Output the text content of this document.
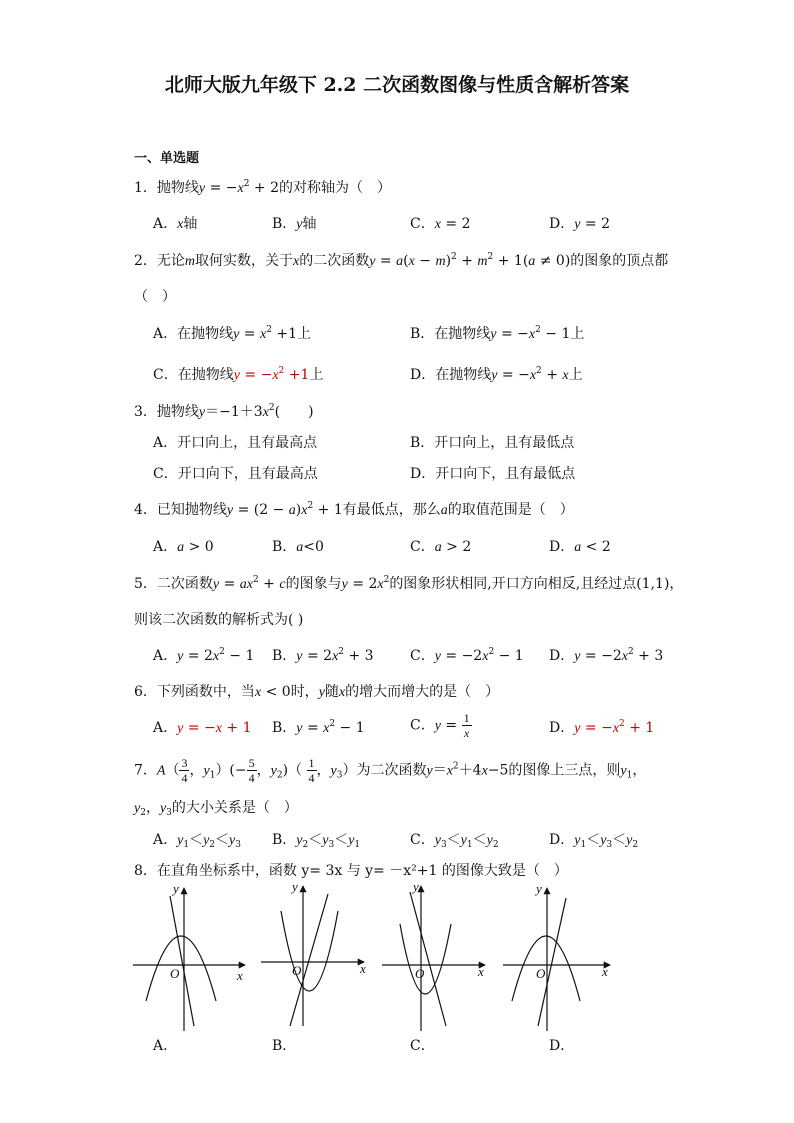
北师大版九年级下 2.2 二次函数图像与性质含解析答案
一、单选题
1．抛物线$y = -x^2 + 2$的对称轴为（　）
A．x轴	B．y轴	C．x = 2	D．y = 2
2．无论m取何实数，关于x的二次函数$y = a(x - m)^2 + m^2 + 1(a \ne 0)$的图象的顶点都
（　）
A．在抛物线$y = x^2 +1$上	B．在抛物线$y = -x^2 - 1$上
C．在抛物线$y = -x^2 +1$上	D．在抛物线$y = -x^2 + x$上
3．抛物线$y=-1+3x^2$(　　)
A．开口向上，且有最高点	B．开口向上，且有最低点
C．开口向下，且有最高点	D．开口向下，且有最低点
4．已知抛物线$y = (2 - a)x^2 + 1$有最低点，那么a的取值范围是（　）
A．a > 0	B．a<0	C．a > 2	D．a < 2
5．二次函数$y = ax^2 + c$的图象与$y = 2x^2$的图象形状相同,开口方向相反,且经过点(1,1)，
则该二次函数的解析式为( )
A．$y = 2x^2 - 1$ B．$y = 2x^2 + 3$	C．$y = -2x^2 - 1$ D．$y = -2x^2 + 3$
6．下列函数中，当x < 0时，y随x的增大而增大的是（　）
A．y = −x + 1 B．$y = x^2 - 1$	C．$y = \frac{1}{x}$	D．$y = -x^2 + 1$
7．$A( \frac{3}{4}$ ，$y_1)(- \frac{5}{4}$ ，$y_2)( \frac{1}{4}$ ，$y_3$）为二次函数$y=x^2+4x-5$的图像上三点，则$y_1$，
$y_2$，$y_3$的大小关系是（　）
A．$y_1<y_2<y_3$ B．$y_2<y_3<y_1$	C．$y_3<y_1<y_2$	D．$y_1<y_3<y_2$
8．在直角坐标系中，函数 y= 3x 与 y= －x²+1 的图像大致是（　）
y
O	x
y
O	x
y
O	x
y
O	x
A．	B．	C．	D．
